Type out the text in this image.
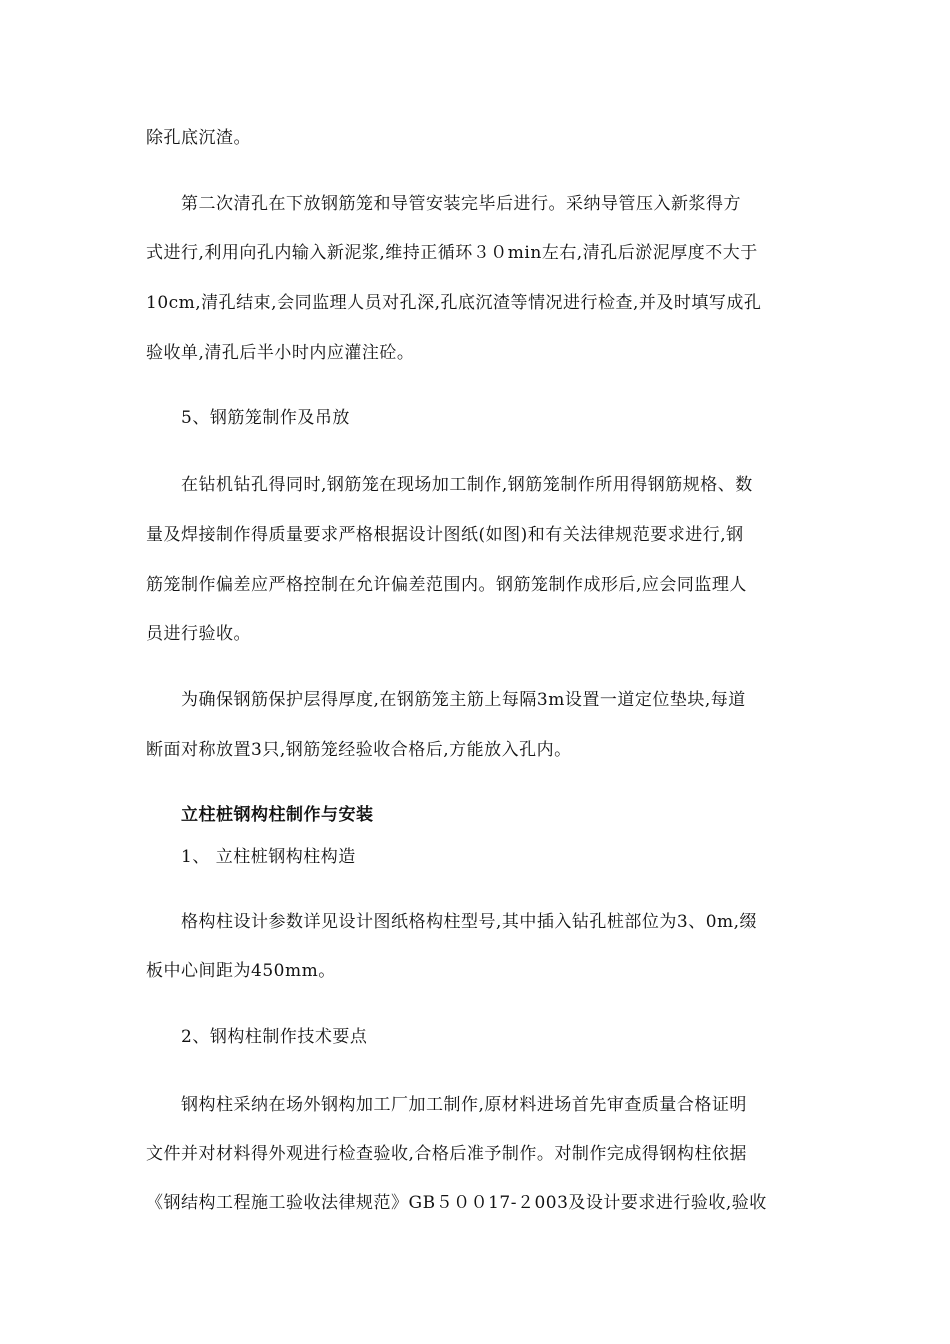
除孔底沉渣。
第二次清孔在下放钢筋笼和导管安装完毕后进行。采纳导管压入新浆得方
式进行,利用向孔内输入新泥浆,维持正循环３０min左右,清孔后淤泥厚度不大于
10cm,清孔结束,会同监理人员对孔深,孔底沉渣等情况进行检查,并及时填写成孔
验收单,清孔后半小时内应灌注砼。
5、钢筋笼制作及吊放
在钻机钻孔得同时,钢筋笼在现场加工制作,钢筋笼制作所用得钢筋规格、数
量及焊接制作得质量要求严格根据设计图纸(如图)和有关法律规范要求进行,钢
筋笼制作偏差应严格控制在允许偏差范围内。钢筋笼制作成形后,应会同监理人
员进行验收。
为确保钢筋保护层得厚度,在钢筋笼主筋上每隔3m设置一道定位垫块,每道
断面对称放置3只,钢筋笼经验收合格后,方能放入孔内。
立柱桩钢构柱制作与安装
1、 立柱桩钢构柱构造
格构柱设计参数详见设计图纸格构柱型号,其中插入钻孔桩部位为3、0m,缀
板中心间距为450mm。
2、钢构柱制作技术要点
钢构柱采纳在场外钢构加工厂加工制作,原材料进场首先审查质量合格证明
文件并对材料得外观进行检查验收,合格后准予制作。对制作完成得钢构柱依据
《钢结构工程施工验收法律规范》GB５００17-２003及设计要求进行验收,验收
